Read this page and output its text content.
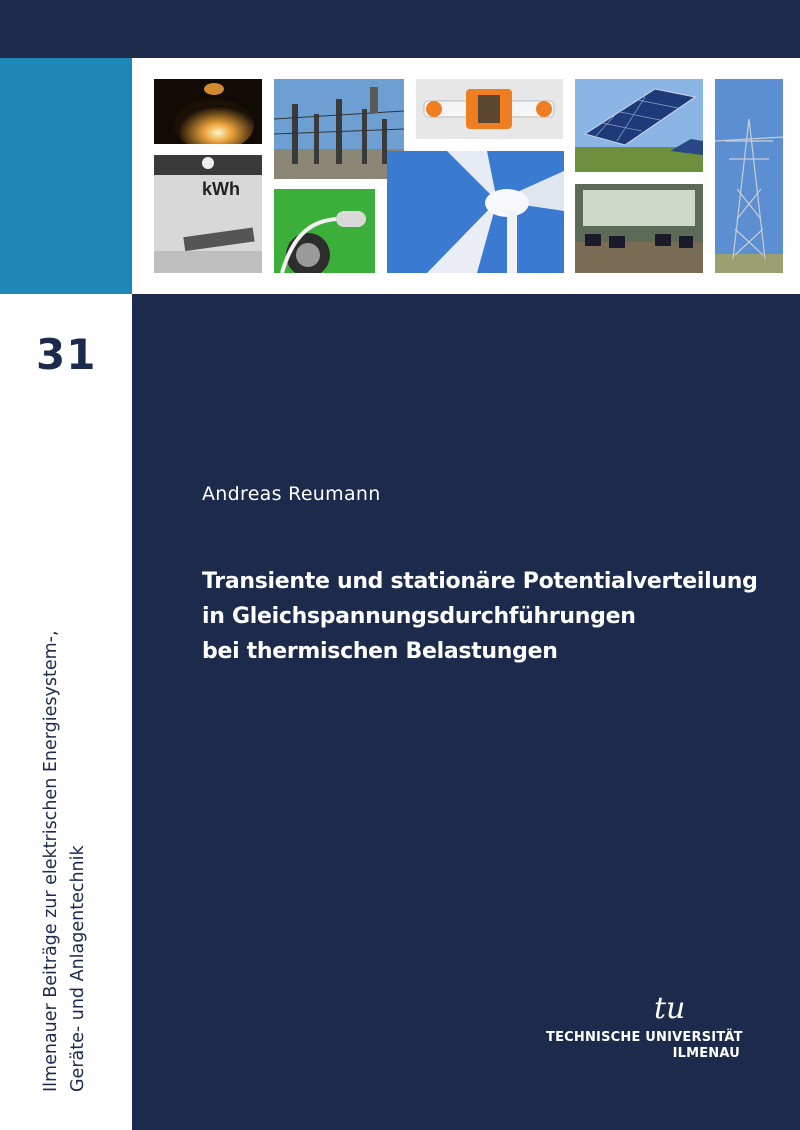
kWh
31
Ilmenauer Beiträge zur elektrischen Energiesystem-, Geräte- und Anlagentechnik
Andreas Reumann
Transiente und stationäre Potentialverteilung
in Gleichspannungsdurchführungen
bei thermischen Belastungen
tu
TECHNISCHE UNIVERSITÄT
ILMENAU
